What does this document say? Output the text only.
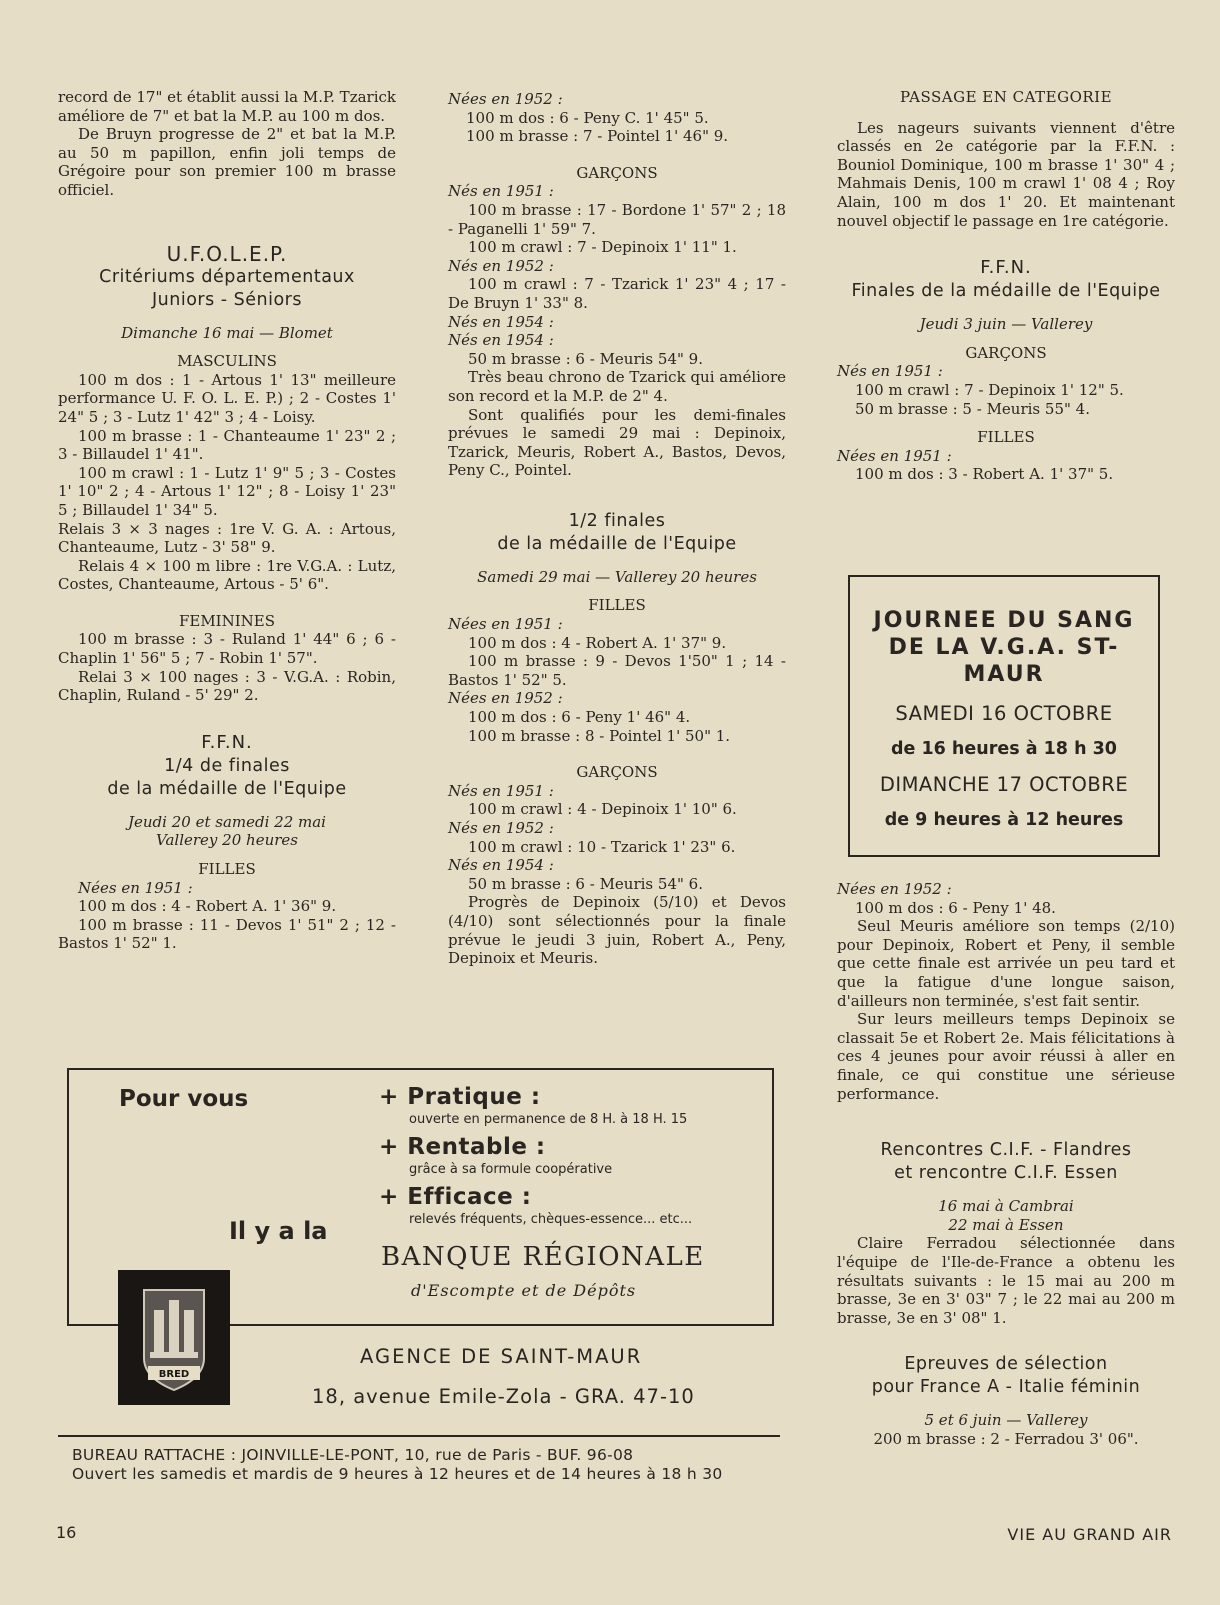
record de 17" et établit aussi la M.P. Tzarick améliore de 7" et bat la M.P. au 100 m dos.

De Bruyn progresse de 2" et bat la M.P. au 50 m papillon, enfin joli temps de Grégoire pour son premier 100 m brasse officiel.

U.F.O.L.E.P.
Critériums départementaux
Juniors - Séniors
Dimanche 16 mai — Blomet
MASCULINS

100 m dos : 1 - Artous 1' 13" meilleure performance U. F. O. L. E. P.) ; 2 - Costes 1' 24" 5 ; 3 - Lutz 1' 42" 3 ; 4 - Loisy.

100 m brasse : 1 - Chanteaume 1' 23" 2 ; 3 - Billaudel 1' 41".

100 m crawl : 1 - Lutz 1' 9" 5 ; 3 - Costes 1' 10" 2 ; 4 - Artous 1' 12" ; 8 - Loisy 1' 23" 5 ; Billaudel 1' 34" 5.

Relais 3 × 3 nages : 1re V. G. A. : Artous, Chanteaume, Lutz - 3' 58" 9.

Relais 4 × 100 m libre : 1re V.G.A. : Lutz, Costes, Chanteaume, Artous - 5' 6".

FEMININES

100 m brasse : 3 - Ruland 1' 44" 6 ; 6 - Chaplin 1' 56" 5 ; 7 - Robin 1' 57".

Relai 3 × 100 nages : 3 - V.G.A. : Robin, Chaplin, Ruland - 5' 29" 2.

F.F.N.
1/4 de finales
de la médaille de l'Equipe
Jeudi 20 et samedi 22 mai
Vallerey 20 heures
FILLES
Nées en 1951 :

100 m dos : 4 - Robert A. 1' 36" 9.

100 m brasse : 11 - Devos 1' 51" 2 ; 12 - Bastos 1' 52" 1.

Nées en 1952 :
100 m dos : 6 - Peny C. 1' 45" 5.
100 m brasse : 7 - Pointel 1' 46" 9.
GARÇONS
Nés en 1951 :

100 m brasse : 17 - Bordone 1' 57" 2 ; 18 - Paganelli 1' 59" 7.

100 m crawl : 7 - Depinoix 1' 11" 1.

Nés en 1952 :

100 m crawl : 7 - Tzarick 1' 23" 4 ; 17 - De Bruyn 1' 33" 8.

Nés en 1954 :
Nés en 1954 :

50 m brasse : 6 - Meuris 54" 9.

Très beau chrono de Tzarick qui améliore son record et la M.P. de 2" 4.

Sont qualifiés pour les demi-finales prévues le samedi 29 mai : Depinoix, Tzarick, Meuris, Robert A., Bastos, Devos, Peny C., Pointel.

1/2 finales
de la médaille de l'Equipe
Samedi 29 mai — Vallerey 20 heures
FILLES
Nées en 1951 :

100 m dos : 4 - Robert A. 1' 37" 9.

100 m brasse : 9 - Devos 1'50" 1 ; 14 - Bastos 1' 52" 5.

Nées en 1952 :

100 m dos : 6 - Peny 1' 46" 4.

100 m brasse : 8 - Pointel 1' 50" 1.

GARÇONS
Nés en 1951 :

100 m crawl : 4 - Depinoix 1' 10" 6.

Nés en 1952 :

100 m crawl : 10 - Tzarick 1' 23" 6.

Nés en 1954 :

50 m brasse : 6 - Meuris 54" 6.

Progrès de Depinoix (5/10) et Devos (4/10) sont sélectionnés pour la finale prévue le jeudi 3 juin, Robert A., Peny, Depinoix et Meuris.

PASSAGE EN CATEGORIE

Les nageurs suivants viennent d'être classés en 2e catégorie par la F.F.N. : Bouniol Dominique, 100 m brasse 1' 30" 4 ; Mahmais Denis, 100 m crawl 1' 08 4 ; Roy Alain, 100 m dos 1' 20. Et maintenant nouvel objectif le passage en 1re catégorie.

F.F.N.
Finales de la médaille de l'Equipe
Jeudi 3 juin — Vallerey
GARÇONS
Nés en 1951 :
100 m crawl : 7 - Depinoix 1' 12" 5.
50 m brasse : 5 - Meuris 55" 4.
FILLES
Nées en 1951 :
100 m dos : 3 - Robert A. 1' 37" 5.
Nées en 1952 :
100 m dos : 6 - Peny 1' 48.

Seul Meuris améliore son temps (2/10) pour Depinoix, Robert et Peny, il semble que cette finale est arrivée un peu tard et que la fatigue d'une longue saison, d'ailleurs non terminée, s'est fait sentir.

Sur leurs meilleurs temps Depinoix se classait 5e et Robert 2e. Mais félicitations à ces 4 jeunes pour avoir réussi à aller en finale, ce qui constitue une sérieuse performance.

Rencontres C.I.F. - Flandres
et rencontre C.I.F. Essen
16 mai à Cambrai
22 mai à Essen

Claire Ferradou sélectionnée dans l'équipe de l'Ile-de-France a obtenu les résultats suivants : le 15 mai au 200 m brasse, 3e en 3' 03" 7 ; le 22 mai au 200 m brasse, 3e en 3' 08" 1.

Epreuves de sélection
pour France A - Italie féminin
5 et 6 juin — Vallerey
200 m brasse : 2 - Ferradou 3' 06".
JOURNEE DU SANG
DE LA V.G.A. ST-MAUR
SAMEDI 16 OCTOBRE
de 16 heures à 18 h 30
DIMANCHE 17 OCTOBRE
de 9 heures à 12 heures
Pour vous	+ Pratique :
ouverte en permanence de 8 H. à 18 H. 15
+ Rentable :
grâce à sa formule coopérative
+ Efficace :
relevés fréquents, chèques-essence... etc...
Il y a la
BANQUE RÉGIONALE
d'Escompte et de Dépôts
BRED
AGENCE DE SAINT-MAUR
18, avenue Emile-Zola - GRA. 47-10
BUREAU RATTACHE : JOINVILLE-LE-PONT, 10, rue de Paris - BUF. 96-08
Ouvert les samedis et mardis de 9 heures à 12 heures et de 14 heures à 18 h 30
16	VIE AU GRAND AIR
